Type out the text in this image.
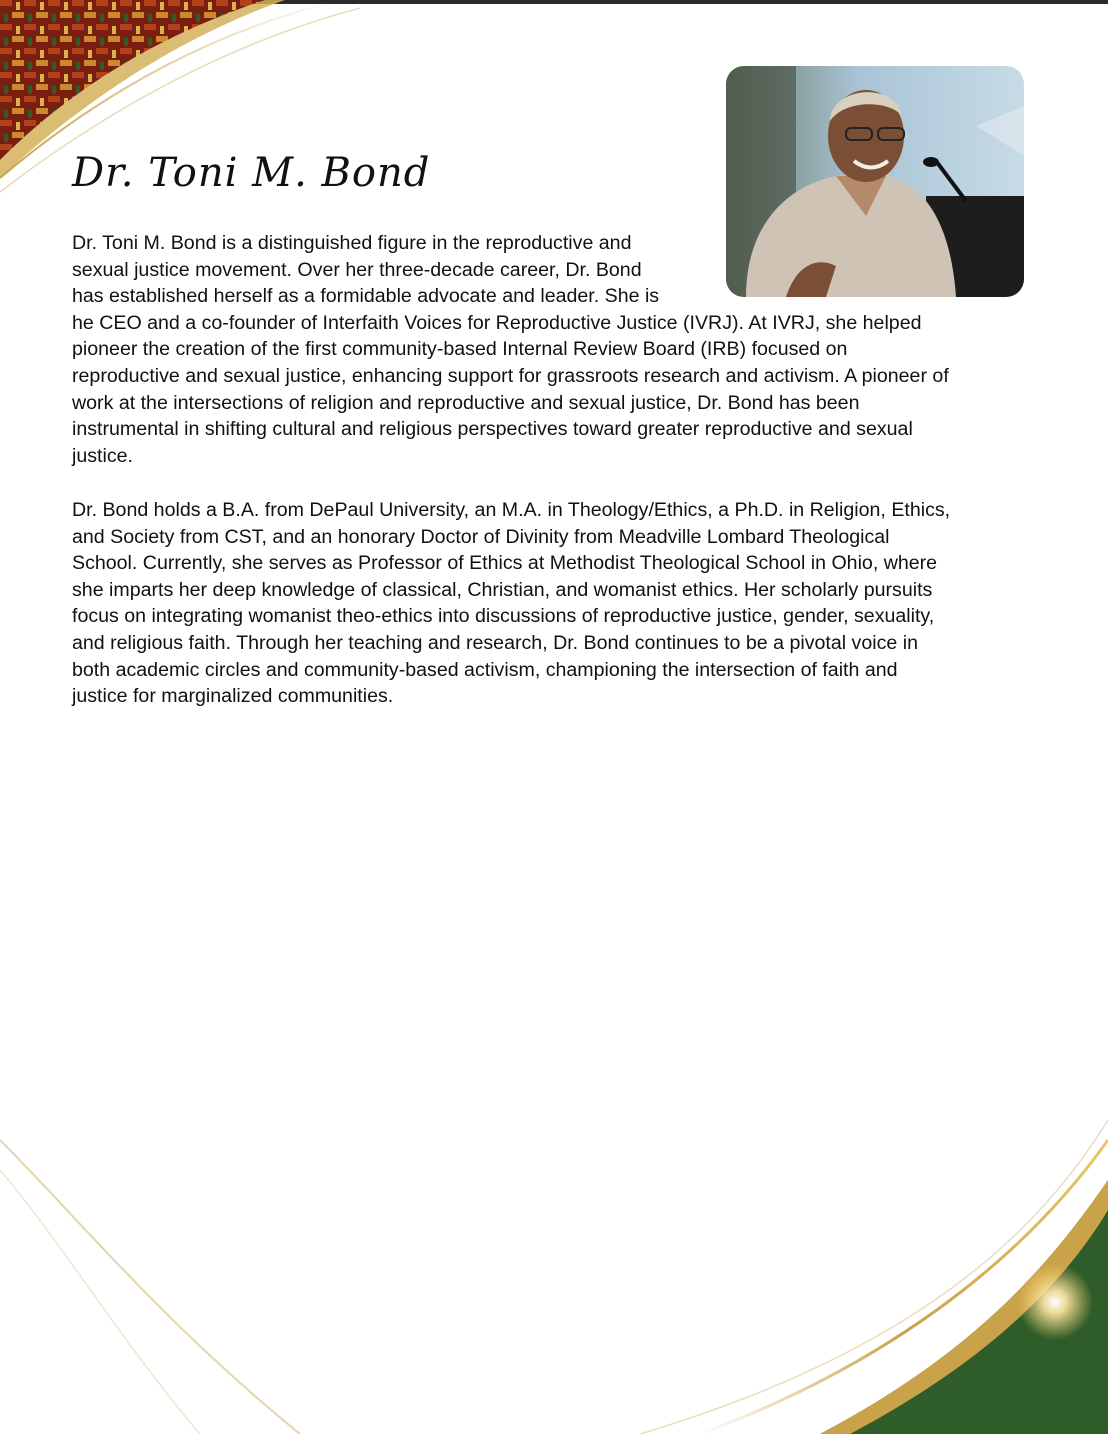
Dr. Toni M. Bond

Dr. Toni M. Bond is a distinguished figure in the reproductive and
sexual justice movement. Over her three-decade career, Dr. Bond
has established herself as a formidable advocate and leader. She is
he CEO and a co-founder of Interfaith Voices for Reproductive Justice (IVRJ). At IVRJ, she helped
pioneer the creation of the first community-based Internal Review Board (IRB) focused on
reproductive and sexual justice, enhancing support for grassroots research and activism. A pioneer of
work at the intersections of religion and reproductive and sexual justice, Dr. Bond has been
instrumental in shifting cultural and religious perspectives toward greater reproductive and sexual
justice.

Dr. Bond holds a B.A. from DePaul University, an M.A. in Theology/Ethics, a Ph.D. in Religion, Ethics,
and Society from CST, and an honorary Doctor of Divinity from Meadville Lombard Theological
School. Currently, she serves as Professor of Ethics at Methodist Theological School in Ohio, where
she imparts her deep knowledge of classical, Christian, and womanist ethics. Her scholarly pursuits
focus on integrating womanist theo-ethics into discussions of reproductive justice, gender, sexuality,
and religious faith. Through her teaching and research, Dr. Bond continues to be a pivotal voice in
both academic circles and community-based activism, championing the intersection of faith and
justice for marginalized communities.
